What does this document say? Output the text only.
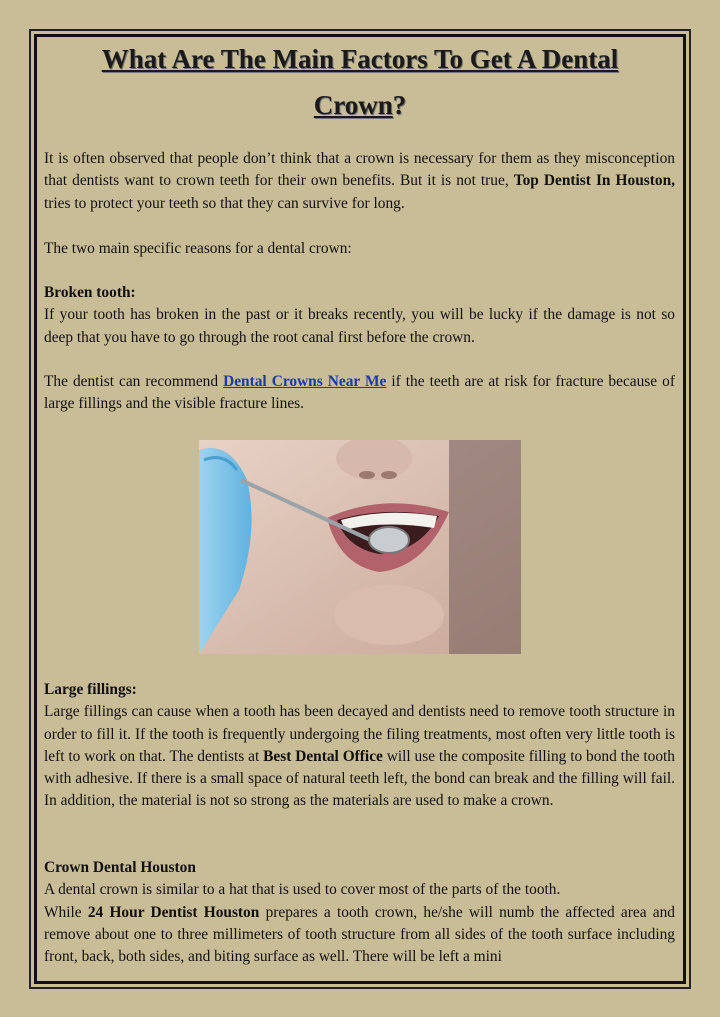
What Are The Main Factors To Get A Dental
Crown?
It is often observed that people don’t think that a crown is necessary for them as they misconception that dentists want to crown teeth for their own benefits. But it is not true, Top Dentist In Houston, tries to protect your teeth so that they can survive for long.
The two main specific reasons for a dental crown:
Broken tooth:
If your tooth has broken in the past or it breaks recently, you will be lucky if the damage is not so deep that you have to go through the root canal first before the crown.
The dentist can recommend Dental Crowns Near Me if the teeth are at risk for fracture because of large fillings and the visible fracture lines.
Large fillings:
Large fillings can cause when a tooth has been decayed and dentists need to remove tooth structure in order to fill it. If the tooth is frequently undergoing the filing treatments, most often very little tooth is left to work on that. The dentists at Best Dental Office will use the composite filling to bond the tooth with adhesive. If there is a small space of natural teeth left, the bond can break and the filling will fail. In addition, the material is not so strong as the materials are used to make a crown.
Crown Dental Houston
A dental crown is similar to a hat that is used to cover most of the parts of the tooth.
While 24 Hour Dentist Houston prepares a tooth crown, he/she will numb the affected area and remove about one to three millimeters of tooth structure from all sides of the tooth surface including front, back, both sides, and biting surface as well. There will be left a mini
